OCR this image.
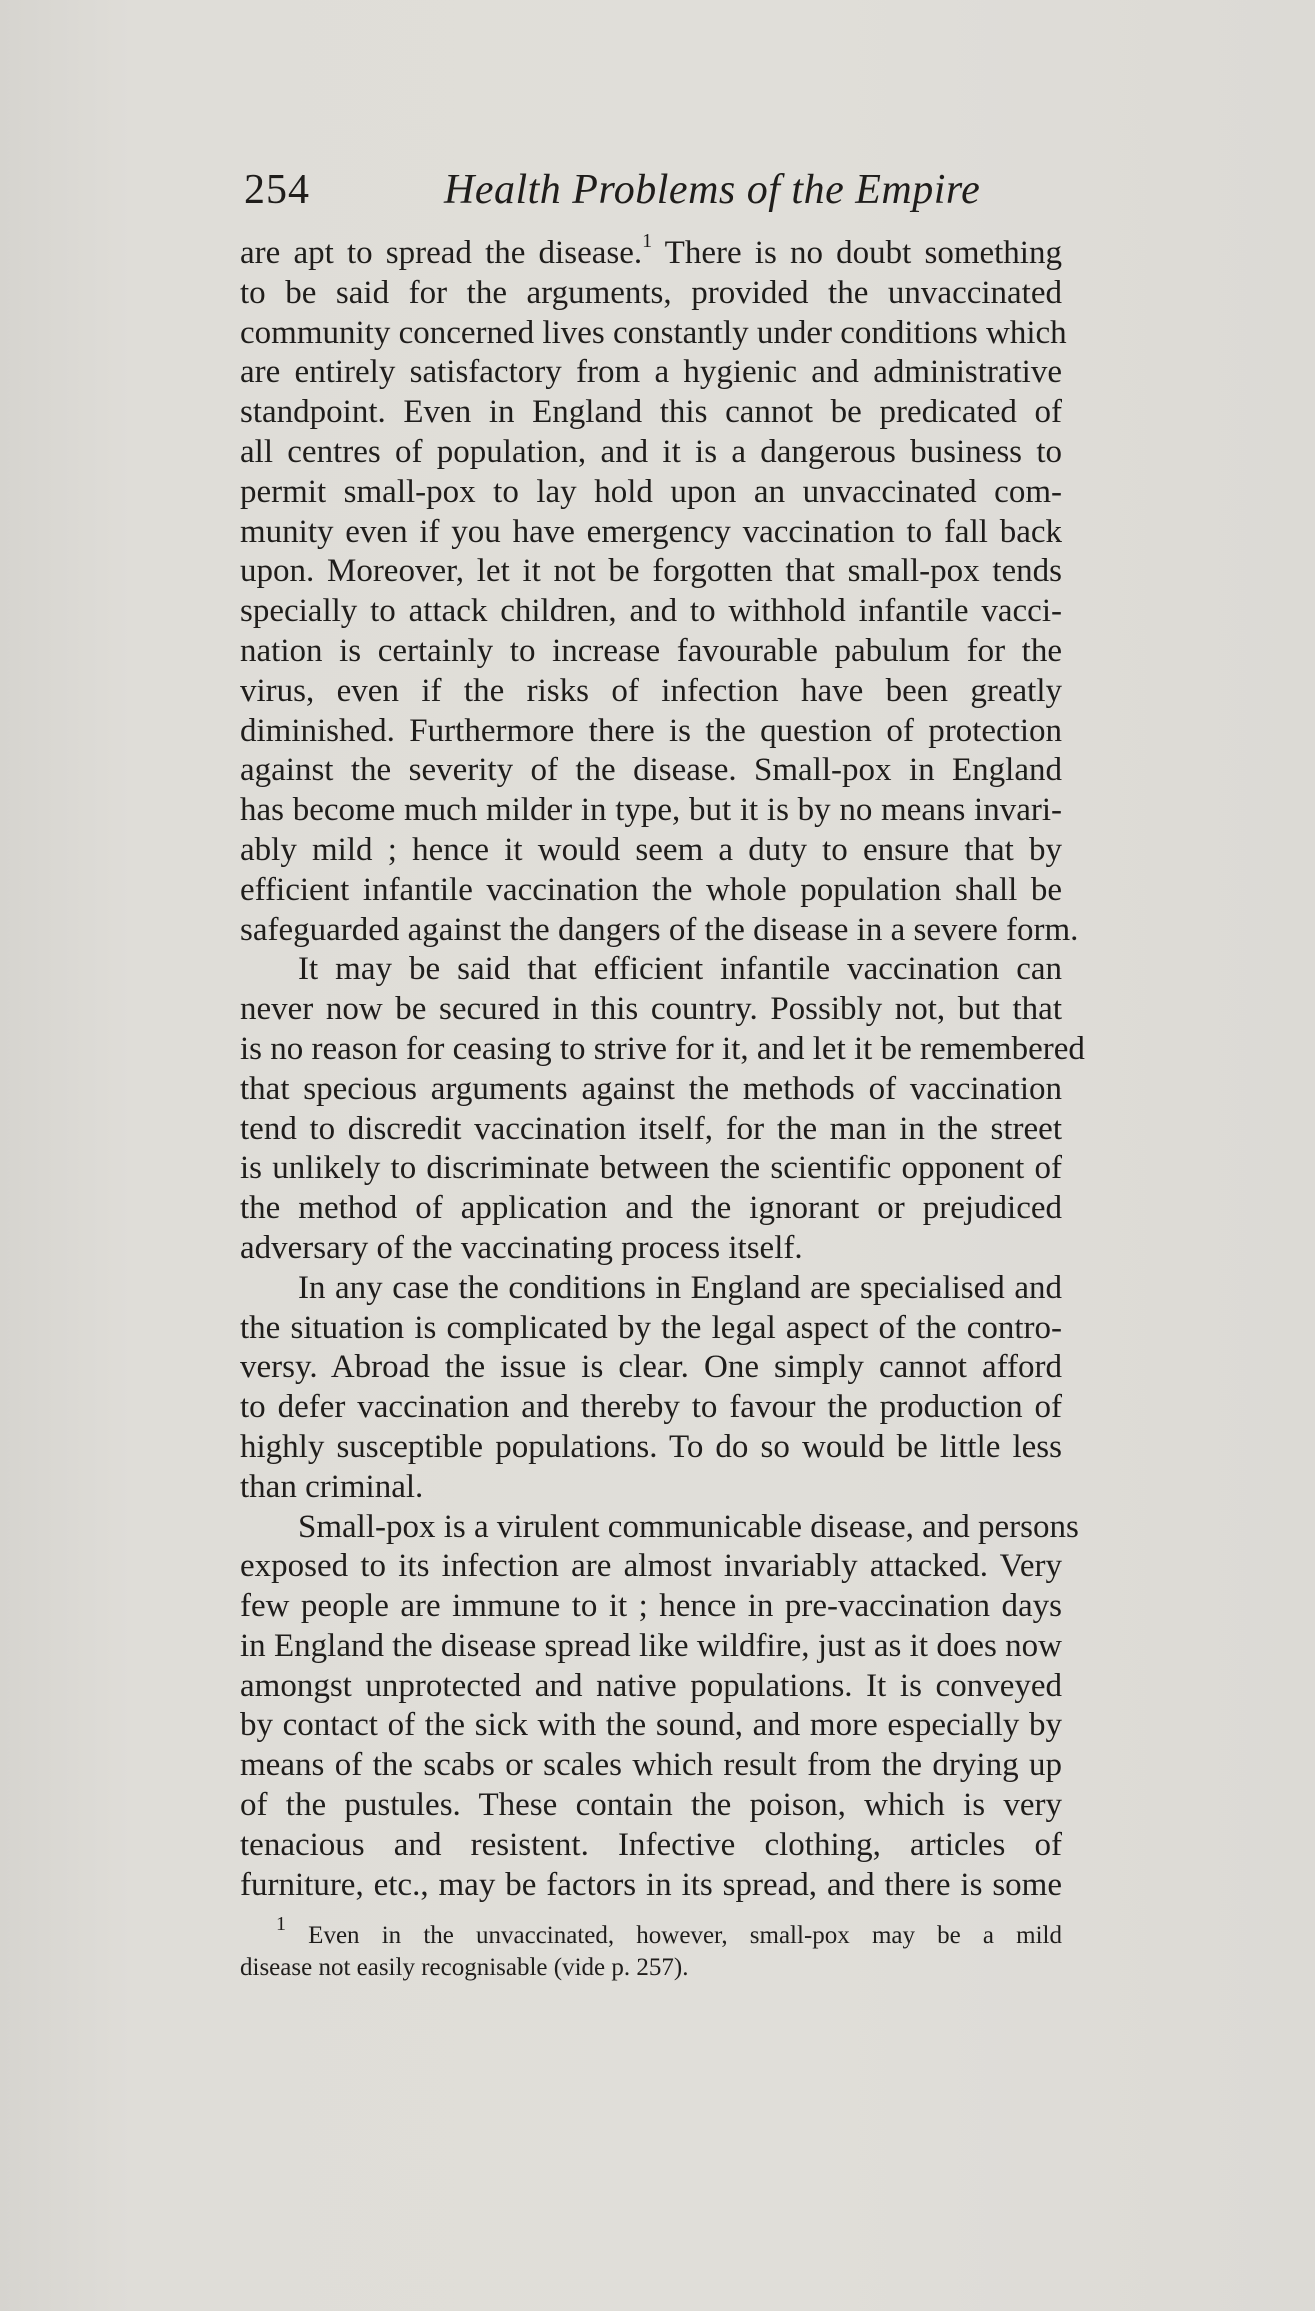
254	Health Problems of the Empire
are apt to spread the disease.$^1$ There is no doubt something
to be said for the arguments, provided the unvaccinated
community concerned lives constantly under conditions which
are entirely satisfactory from a hygienic and administrative
standpoint. Even in England this cannot be predicated of
all centres of population, and it is a dangerous business to
permit small-pox to lay hold upon an unvaccinated com-
munity even if you have emergency vaccination to fall back
upon. Moreover, let it not be forgotten that small-pox tends
specially to attack children, and to withhold infantile vacci-
nation is certainly to increase favourable pabulum for the
virus, even if the risks of infection have been greatly
diminished. Furthermore there is the question of protection
against the severity of the disease. Small-pox in England
has become much milder in type, but it is by no means invari-
ably mild ; hence it would seem a duty to ensure that by
efficient infantile vaccination the whole population shall be
safeguarded against the dangers of the disease in a severe form.
It may be said that efficient infantile vaccination can
never now be secured in this country. Possibly not, but that
is no reason for ceasing to strive for it, and let it be remembered
that specious arguments against the methods of vaccination
tend to discredit vaccination itself, for the man in the street
is unlikely to discriminate between the scientific opponent of
the method of application and the ignorant or prejudiced
adversary of the vaccinating process itself.
In any case the conditions in England are specialised and
the situation is complicated by the legal aspect of the contro-
versy. Abroad the issue is clear. One simply cannot afford
to defer vaccination and thereby to favour the production of
highly susceptible populations. To do so would be little less
than criminal.
Small-pox is a virulent communicable disease, and persons
exposed to its infection are almost invariably attacked. Very
few people are immune to it ; hence in pre-vaccination days
in England the disease spread like wildfire, just as it does now
amongst unprotected and native populations. It is conveyed
by contact of the sick with the sound, and more especially by
means of the scabs or scales which result from the drying up
of the pustules. These contain the poison, which is very
tenacious and resistent. Infective clothing, articles of
furniture, etc., may be factors in its spread, and there is some
$^1$ Even in the unvaccinated, however, small-pox may be a mild
disease not easily recognisable (vide p. 257).
